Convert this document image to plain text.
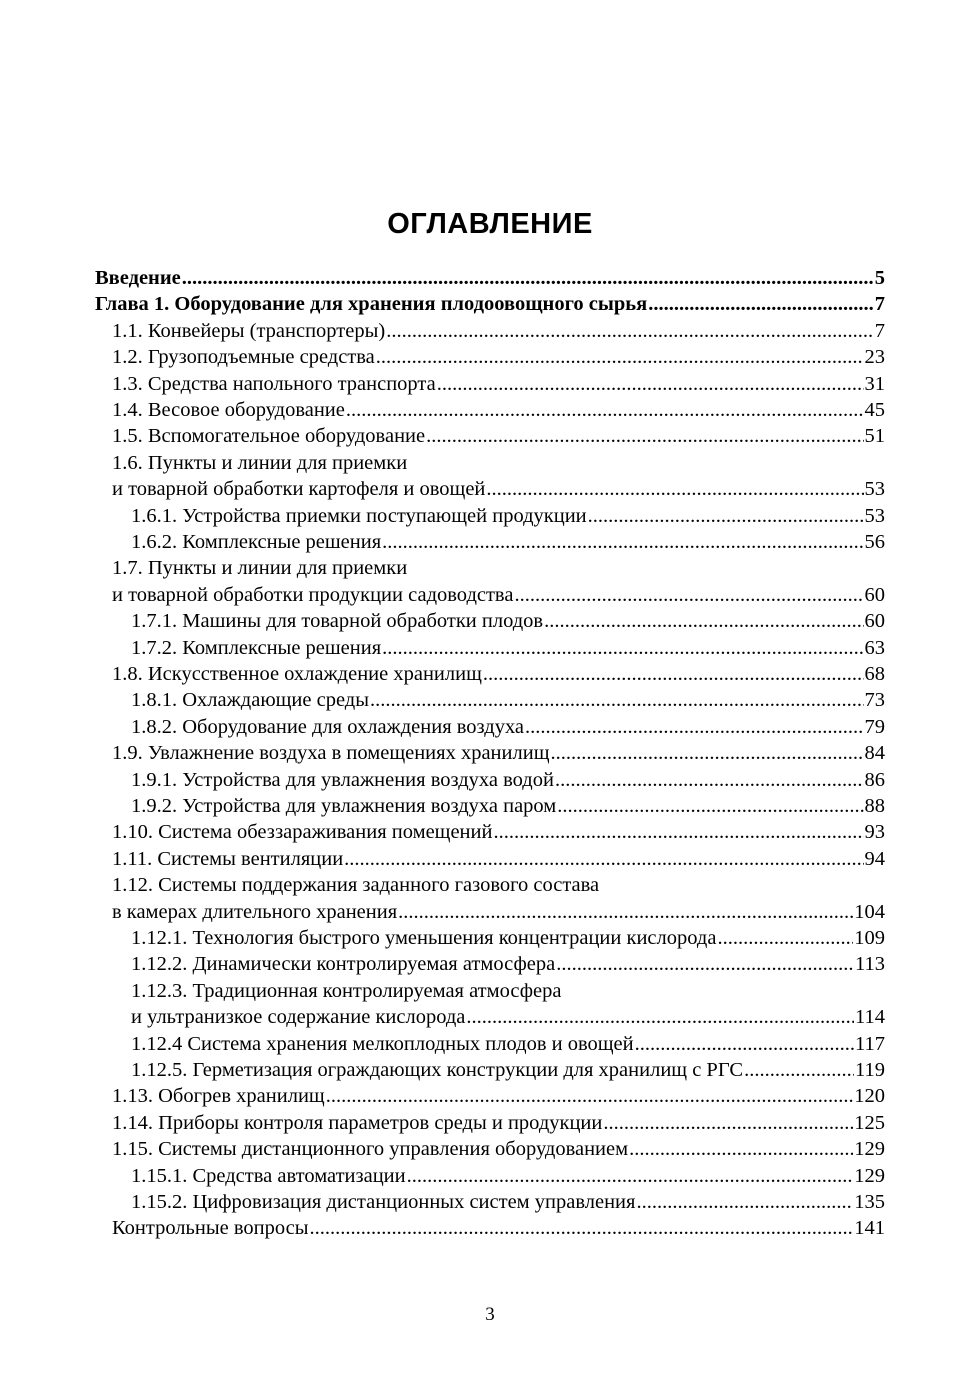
ОГЛАВЛЕНИЕ
Введение .....	5
Глава 1. Оборудование для хранения плодоовощного сырья .....	7
1.1. Конвейеры (транспортеры) .....	7
1.2. Грузоподъемные средства .....	23
1.3. Средства напольного транспорта .....	31
1.4. Весовое оборудование .....	45
1.5. Вспомогательное оборудование .....	51
1.6. Пункты и линии для приемки
и товарной обработки картофеля и овощей .....	53
1.6.1. Устройства приемки поступающей продукции .....	53
1.6.2. Комплексные решения .....	56
1.7. Пункты и линии для приемки
и товарной обработки продукции садоводства .....	60
1.7.1. Машины для товарной обработки плодов .....	60
1.7.2. Комплексные решения .....	63
1.8. Искусственное охлаждение хранилищ .....	68
1.8.1. Охлаждающие среды .....	73
1.8.2. Оборудование для охлаждения воздуха .....	79
1.9. Увлажнение воздуха в помещениях хранилищ .....	84
1.9.1. Устройства для увлажнения воздуха водой .....	86
1.9.2. Устройства для увлажнения воздуха паром .....	88
1.10. Система обеззараживания помещений .....	93
1.11. Системы вентиляции .....	94
1.12. Системы поддержания заданного газового состава
в камерах длительного хранения .....	104
1.12.1. Технология быстрого уменьшения концентрации кислорода .....	109
1.12.2. Динамически контролируемая атмосфера .....	113
1.12.3. Традиционная контролируемая атмосфера
и ультранизкое содержание кислорода .....	114
1.12.4 Система хранения мелкоплодных плодов и овощей .....	117
1.12.5. Герметизация ограждающих конструкции для хранилищ с РГС .....	119
1.13. Обогрев хранилищ .....	120
1.14. Приборы контроля параметров среды и продукции .....	125
1.15. Системы дистанционного управления оборудованием .....	129
1.15.1. Средства автоматизации .....	129
1.15.2. Цифровизация дистанционных систем управления .....	135
Контрольные вопросы .....	141
3
